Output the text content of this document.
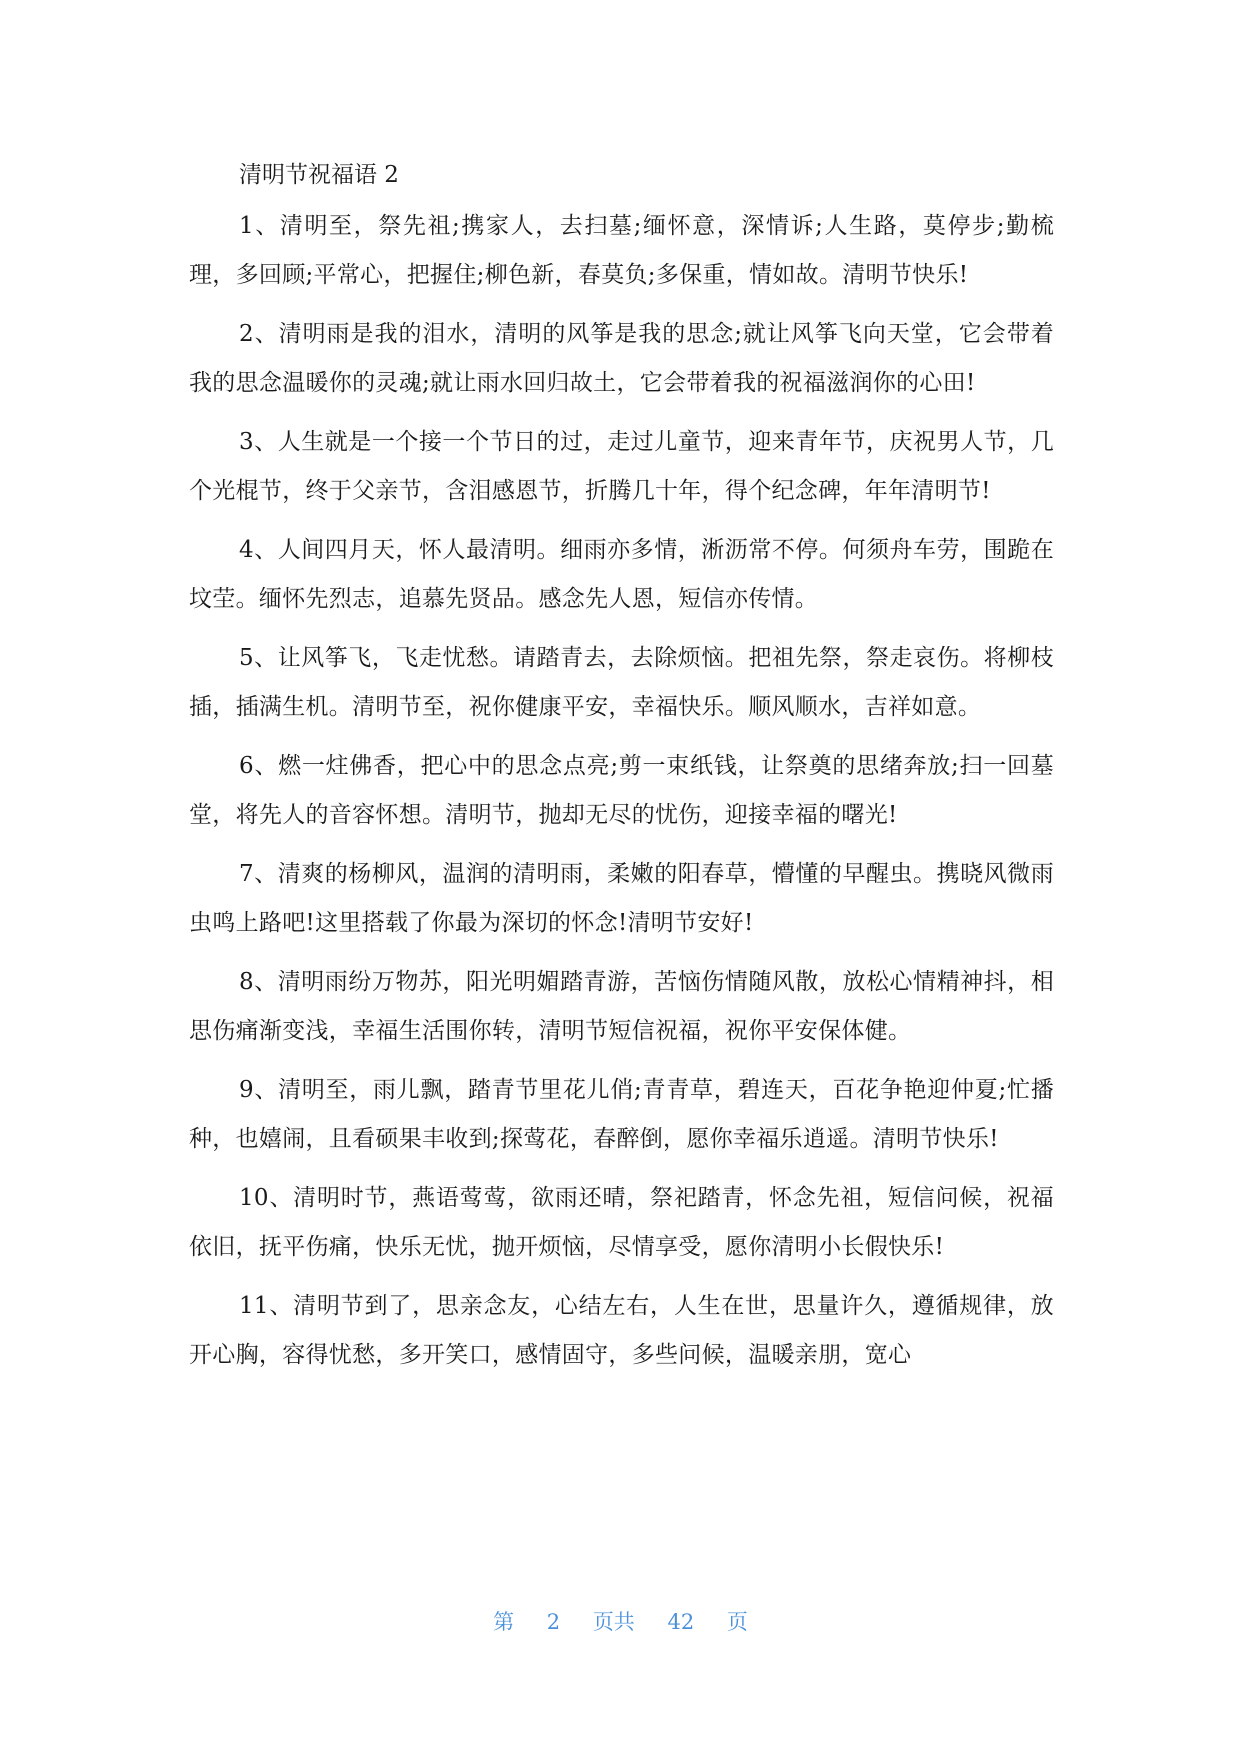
清明节祝福语 2

1、清明至，祭先祖;携家人，去扫墓;缅怀意，深情诉;人生路，莫停步;勤梳理，多回顾;平常心，把握住;柳色新，春莫负;多保重，情如故。清明节快乐!

2、清明雨是我的泪水，清明的风筝是我的思念;就让风筝飞向天堂，它会带着我的思念温暖你的灵魂;就让雨水回归故土，它会带着我的祝福滋润你的心田!

3、人生就是一个接一个节日的过，走过儿童节，迎来青年节，庆祝男人节，几个光棍节，终于父亲节，含泪感恩节，折腾几十年，得个纪念碑，年年清明节!

4、人间四月天，怀人最清明。细雨亦多情，淅沥常不停。何须舟车劳，围跪在坟茔。缅怀先烈志，追慕先贤品。感念先人恩，短信亦传情。

5、让风筝飞，飞走忧愁。请踏青去，去除烦恼。把祖先祭，祭走哀伤。将柳枝插，插满生机。清明节至，祝你健康平安，幸福快乐。顺风顺水，吉祥如意。

6、燃一炷佛香，把心中的思念点亮;剪一束纸钱，让祭奠的思绪奔放;扫一回墓堂，将先人的音容怀想。清明节，抛却无尽的忧伤，迎接幸福的曙光!

7、清爽的杨柳风，温润的清明雨，柔嫩的阳春草，懵懂的早醒虫。携晓风微雨虫鸣上路吧!这里搭载了你最为深切的怀念!清明节安好!

8、清明雨纷万物苏，阳光明媚踏青游，苦恼伤情随风散，放松心情精神抖，相思伤痛渐变浅，幸福生活围你转，清明节短信祝福，祝你平安保体健。

9、清明至，雨儿飘，踏青节里花儿俏;青青草，碧连天，百花争艳迎仲夏;忙播种，也嬉闹，且看硕果丰收到;探莺花，春醉倒，愿你幸福乐逍遥。清明节快乐!

10、清明时节，燕语莺莺，欲雨还晴，祭祀踏青，怀念先祖，短信问候，祝福依旧，抚平伤痛，快乐无忧，抛开烦恼，尽情享受，愿你清明小长假快乐!

11、清明节到了，思亲念友，心结左右，人生在世，思量许久，遵循规律，放开心胸，容得忧愁，多开笑口，感情固守，多些问候，温暖亲朋，宽心

第 2 页共 42 页
